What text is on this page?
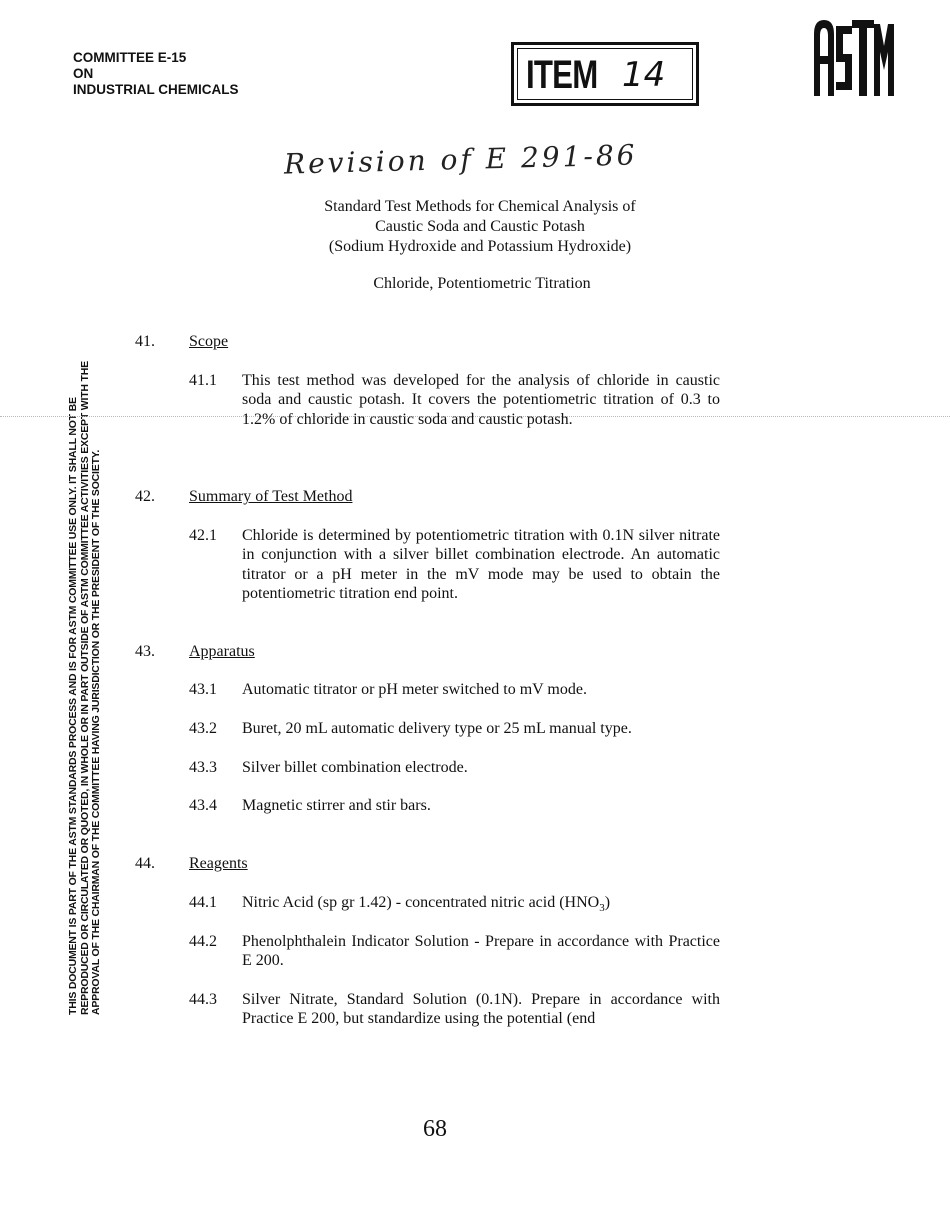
COMMITTEE E-15
ON
INDUSTRIAL CHEMICALS	ITEM 14
Revision of E 291-86
Standard Test Methods for Chemical Analysis of
Caustic Soda and Caustic Potash
(Sodium Hydroxide and Potassium Hydroxide)
Chloride, Potentiometric Titration
THIS DOCUMENT IS PART OF THE ASTM STANDARDS PROCESS AND IS FOR ASTM COMMITTEE USE ONLY. IT SHALL NOT BE REPRODUCED OR CIRCULATED OR QUOTED, IN WHOLE OR IN PART OUTSIDE OF ASTM COMMITTEE ACTIVITIES EXCEPT WITH THE APPROVAL OF THE CHAIRMAN OF THE COMMITTEE HAVING JURISDICTION OR THE PRESIDENT OF THE SOCIETY.
41. Scope
41.1 This test method was developed for the analysis of chloride in caustic soda and caustic potash. It covers the potentiometric titration of 0.3 to 1.2% of chloride in caustic soda and caustic potash.
42. Summary of Test Method
42.1 Chloride is determined by potentiometric titration with 0.1N silver nitrate in conjunction with a silver billet combination electrode. An automatic titrator or a pH meter in the mV mode may be used to obtain the potentiometric titration end point.
43. Apparatus
43.1 Automatic titrator or pH meter switched to mV mode.
43.2 Buret, 20 mL automatic delivery type or 25 mL manual type.
43.3 Silver billet combination electrode.
43.4 Magnetic stirrer and stir bars.
44. Reagents
44.1 Nitric Acid (sp gr 1.42) - concentrated nitric acid $(HNO_3)$
44.2 Phenolphthalein Indicator Solution - Prepare in accordance with Practice E 200.
44.3 Silver Nitrate, Standard Solution (0.1N). Prepare in accordance with Practice E 200, but standardize using the potential (end
68
